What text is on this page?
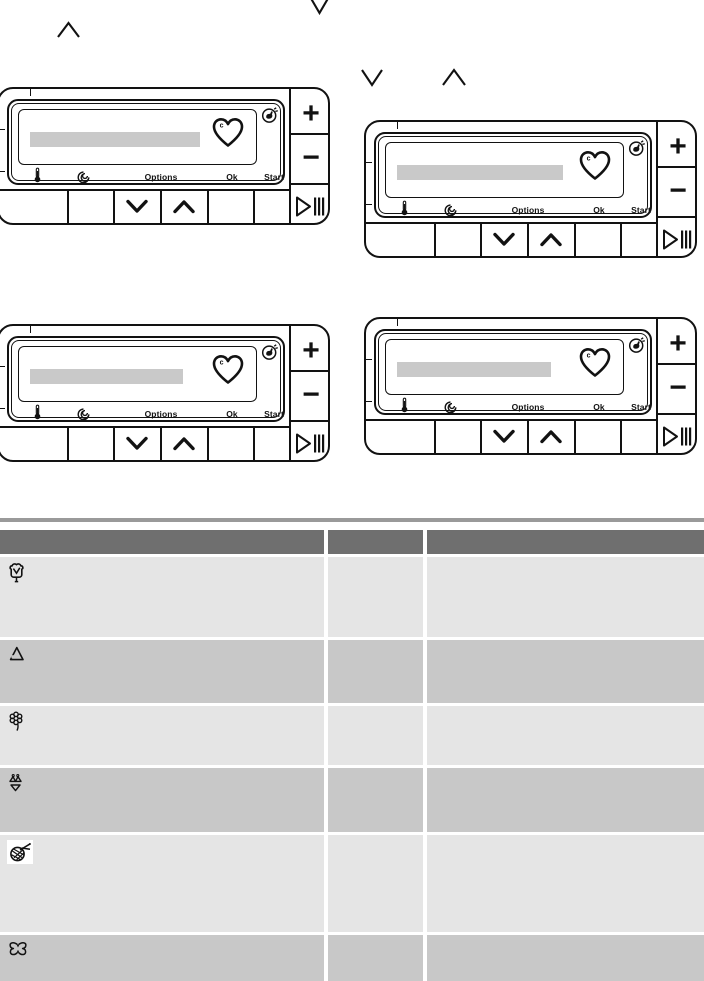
c
Options	Ok	Start
+
−	c
Options	Ok	Start
+
−
c
Options	Ok	Start
+
−
c
Options	Ok	Start
+
−
